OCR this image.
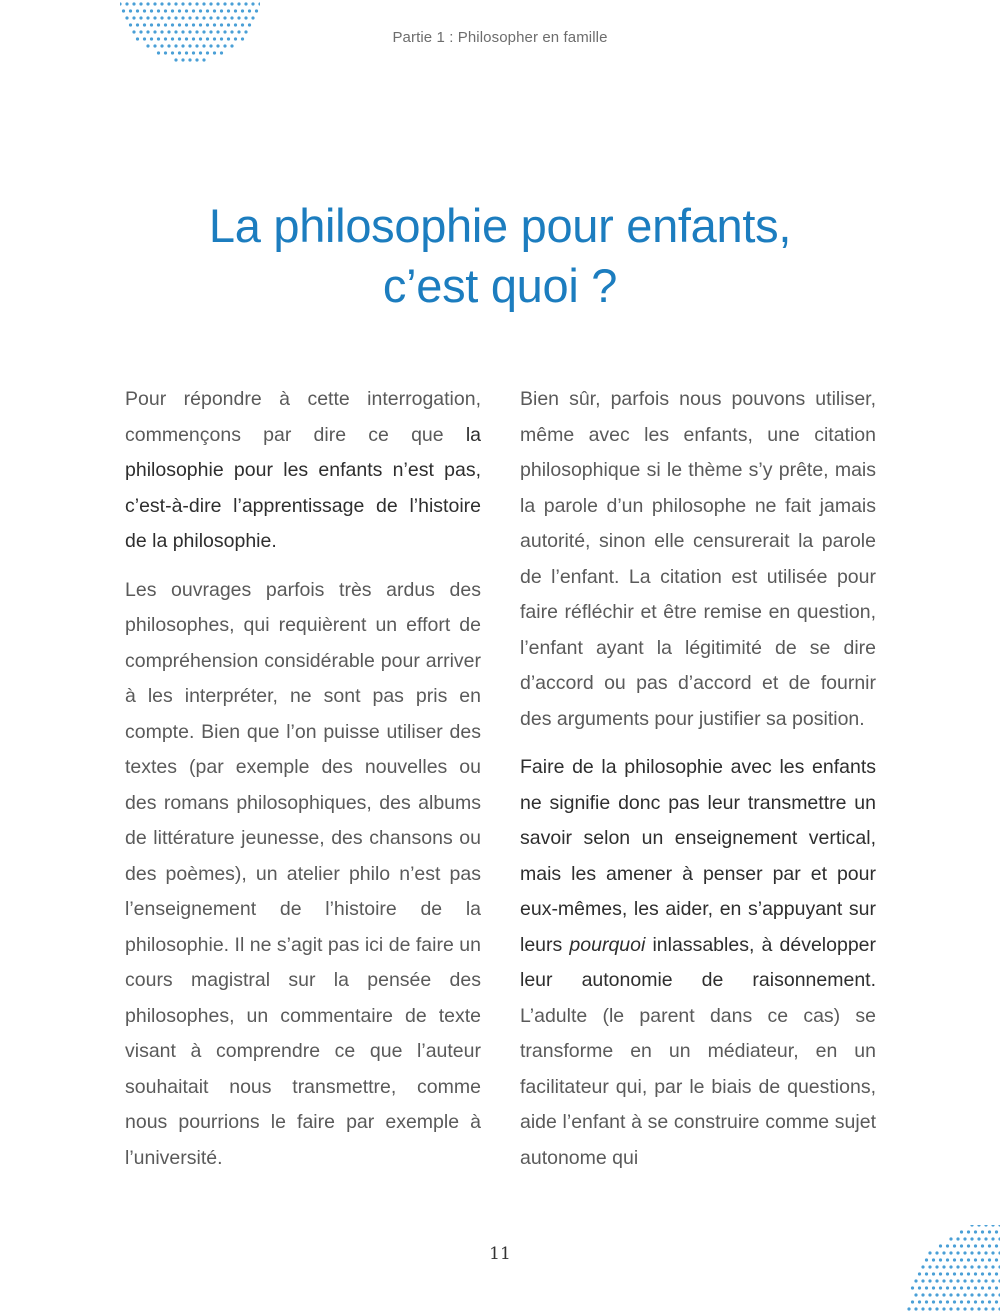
Partie 1 : Philosopher en famille
La philosophie pour enfants,
c’est quoi ?

Pour répondre à cette interrogation, commençons par dire ce que la philosophie pour les enfants n’est pas, c’est-à-dire l’apprentissage de l’histoire de la philosophie.

Les ouvrages parfois très ardus des philosophes, qui requièrent un effort de compréhension considérable pour arriver à les interpréter, ne sont pas pris en compte. Bien que l’on puisse utiliser des textes (par exemple des nouvelles ou des romans philosophiques, des albums de littérature jeunesse, des chansons ou des poèmes), un atelier philo n’est pas l’enseignement de l’histoire de la philosophie. Il ne s’agit pas ici de faire un cours magistral sur la pensée des philosophes, un commentaire de texte visant à comprendre ce que l’auteur souhaitait nous transmettre, comme nous pourrions le faire par exemple à l’université.

Bien sûr, parfois nous pouvons utiliser, même avec les enfants, une citation philosophique si le thème s’y prête, mais la parole d’un philosophe ne fait jamais autorité, sinon elle censurerait la parole de l’enfant. La citation est utilisée pour faire réfléchir et être remise en question, l’enfant ayant la légitimité de se dire d’accord ou pas d’accord et de fournir des arguments pour justifier sa position.

Faire de la philosophie avec les enfants ne signifie donc pas leur transmettre un savoir selon un enseignement vertical, mais les amener à penser par et pour eux-mêmes, les aider, en s’appuyant sur leurs pourquoi inlassables, à développer leur autonomie de raisonnement. L’adulte (le parent dans ce cas) se transforme en un médiateur, en un facilitateur qui, par le biais de questions, aide l’enfant à se construire comme sujet autonome qui

11
